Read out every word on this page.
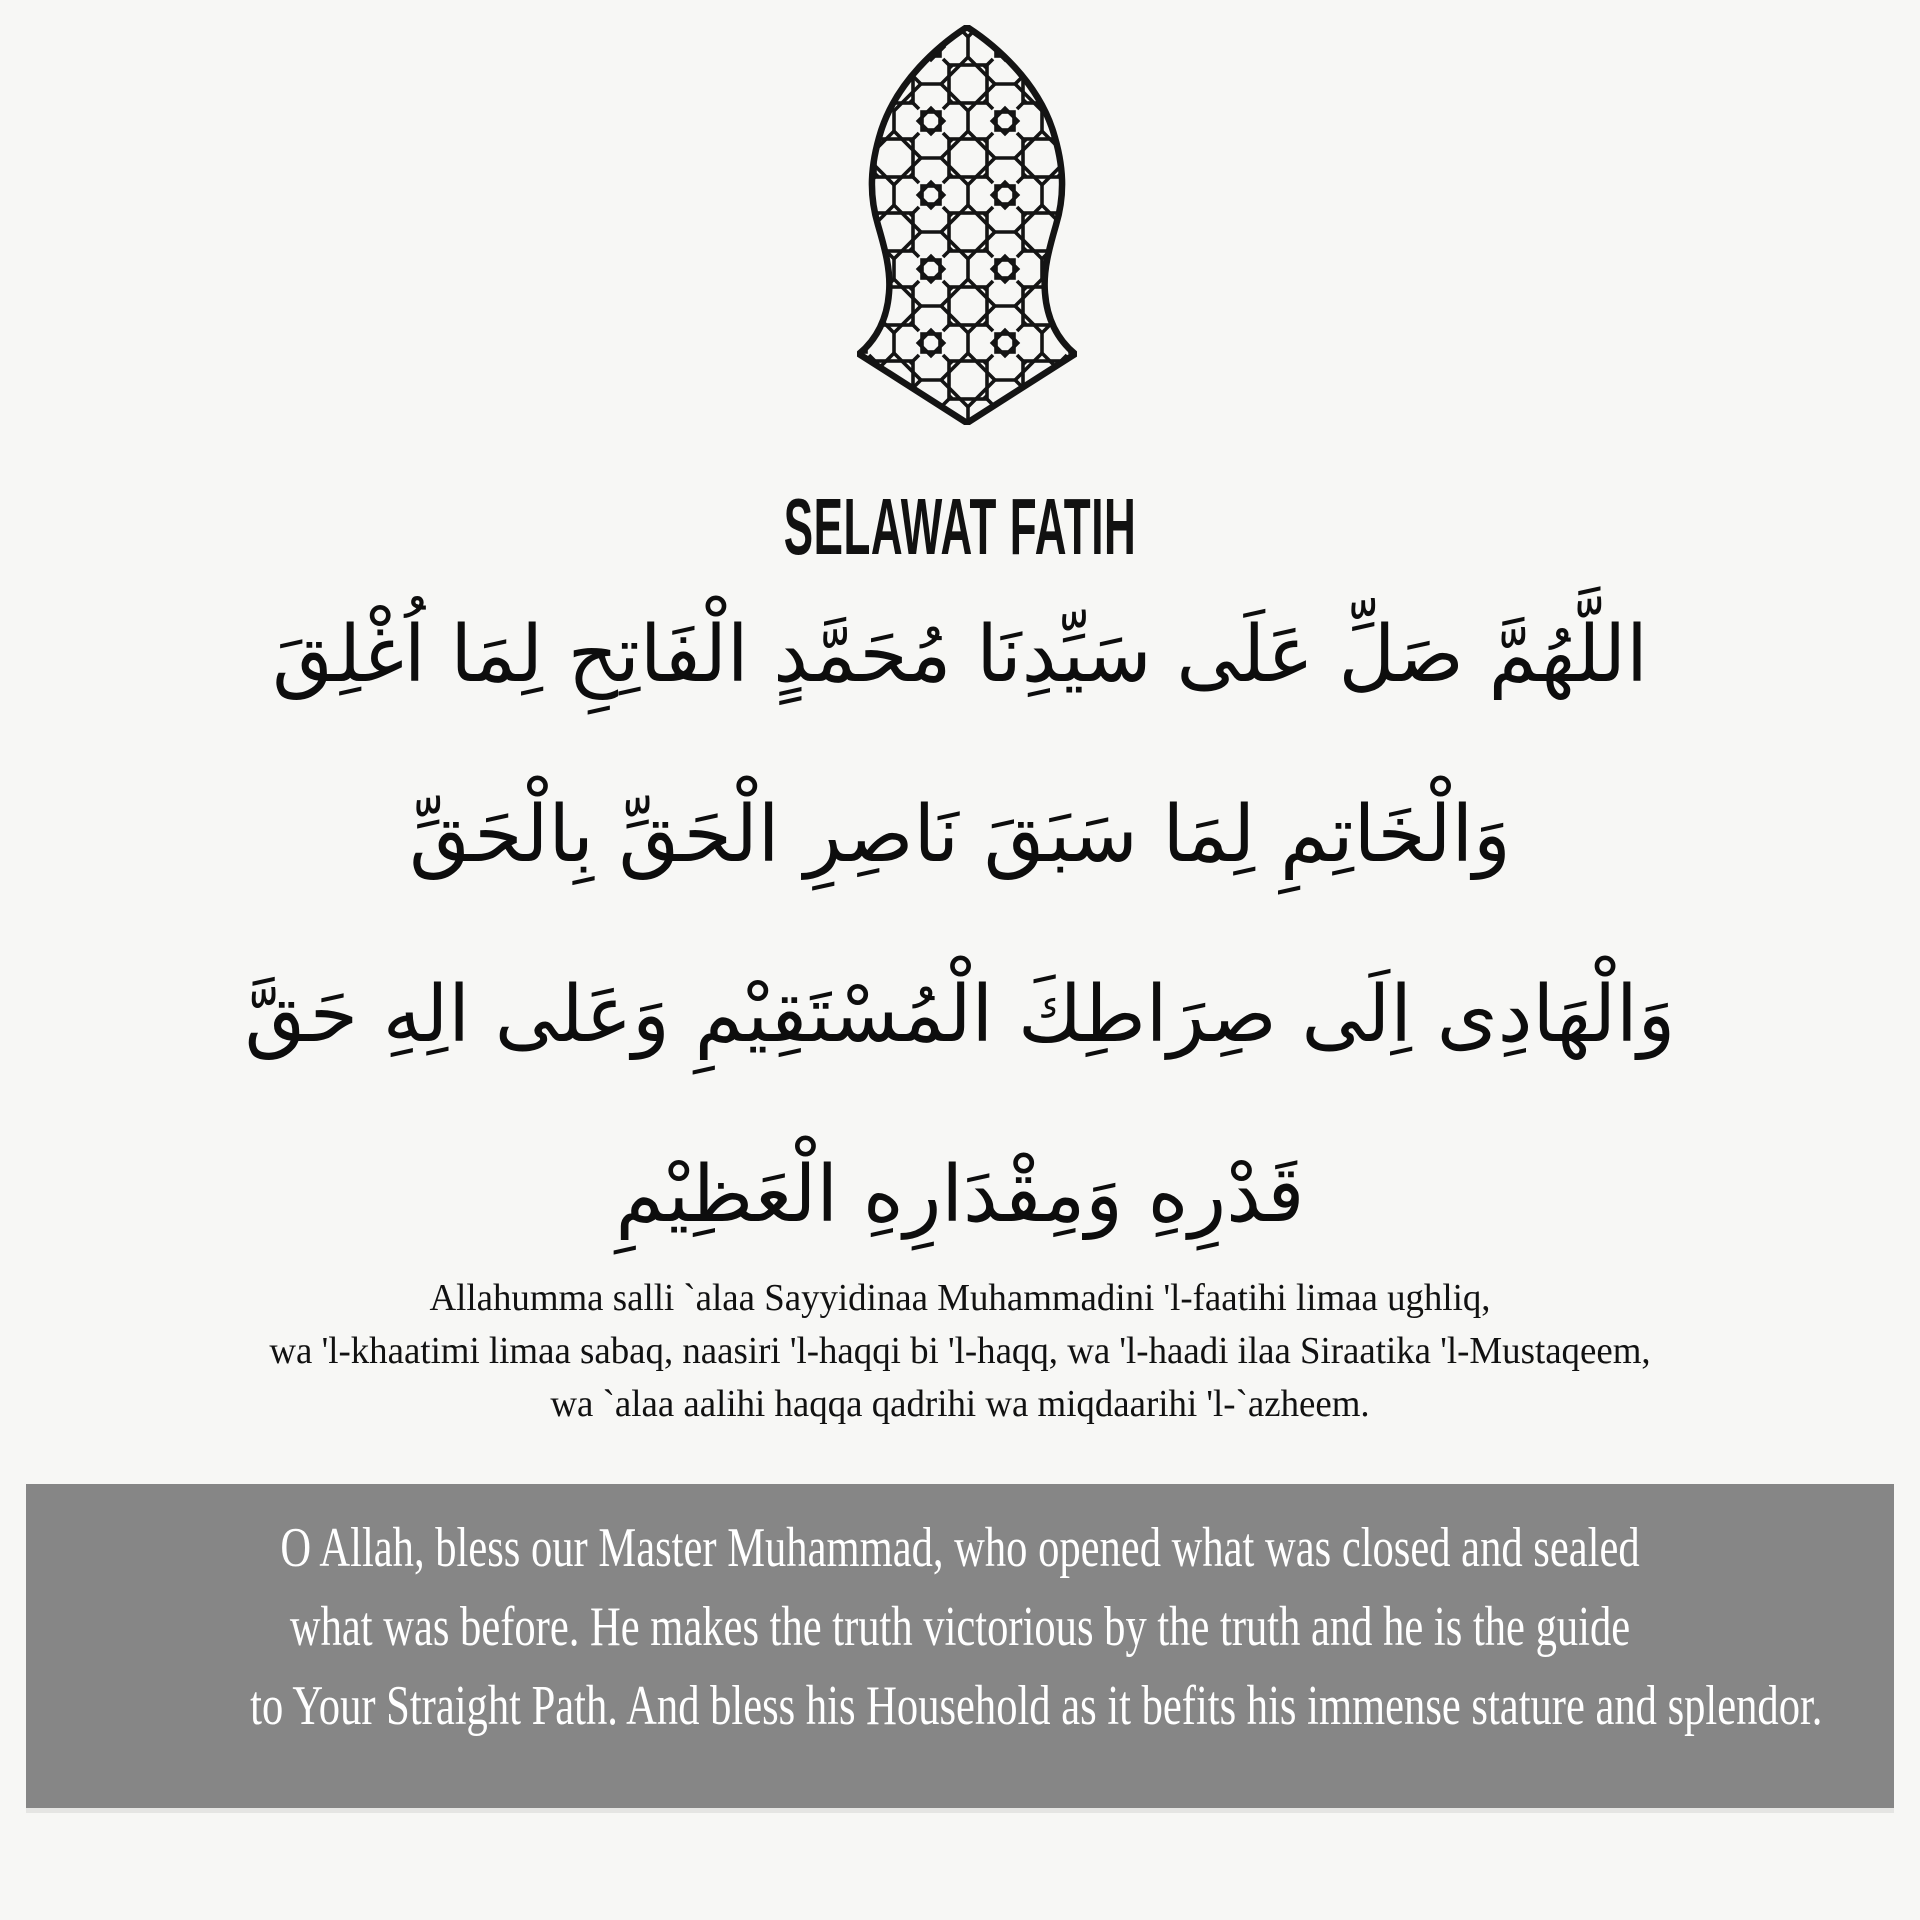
SELAWAT FATIH
اللَّهُمَّ صَلِّ عَلَى سَيِّدِنَا مُحَمَّدٍ الْفَاتِحِ لِمَا اُغْلِقَ
وَالْخَاتِمِ لِمَا سَبَقَ نَاصِرِ الْحَقِّ بِالْحَقِّ
وَالْهَادِى اِلَى صِرَاطِكَ الْمُسْتَقِيْمِ وَعَلى الِهِ حَقَّ
قَدْرِهِ وَمِقْدَارِهِ الْعَظِيْمِ
Allahumma salli `alaa Sayyidinaa Muhammadini 'l-faatihi limaa ughliq,
wa 'l-khaatimi limaa sabaq, naasiri 'l-haqqi bi 'l-haqq, wa 'l-haadi ilaa Siraatika 'l-Mustaqeem,
wa `alaa aalihi haqqa qadrihi wa miqdaarihi 'l-`azheem.
O Allah, bless our Master Muhammad, who opened what was closed and sealed
what was before. He makes the truth victorious by the truth and he is the guide
to Your Straight Path. And bless his Household as it befits his immense stature and splendor.
